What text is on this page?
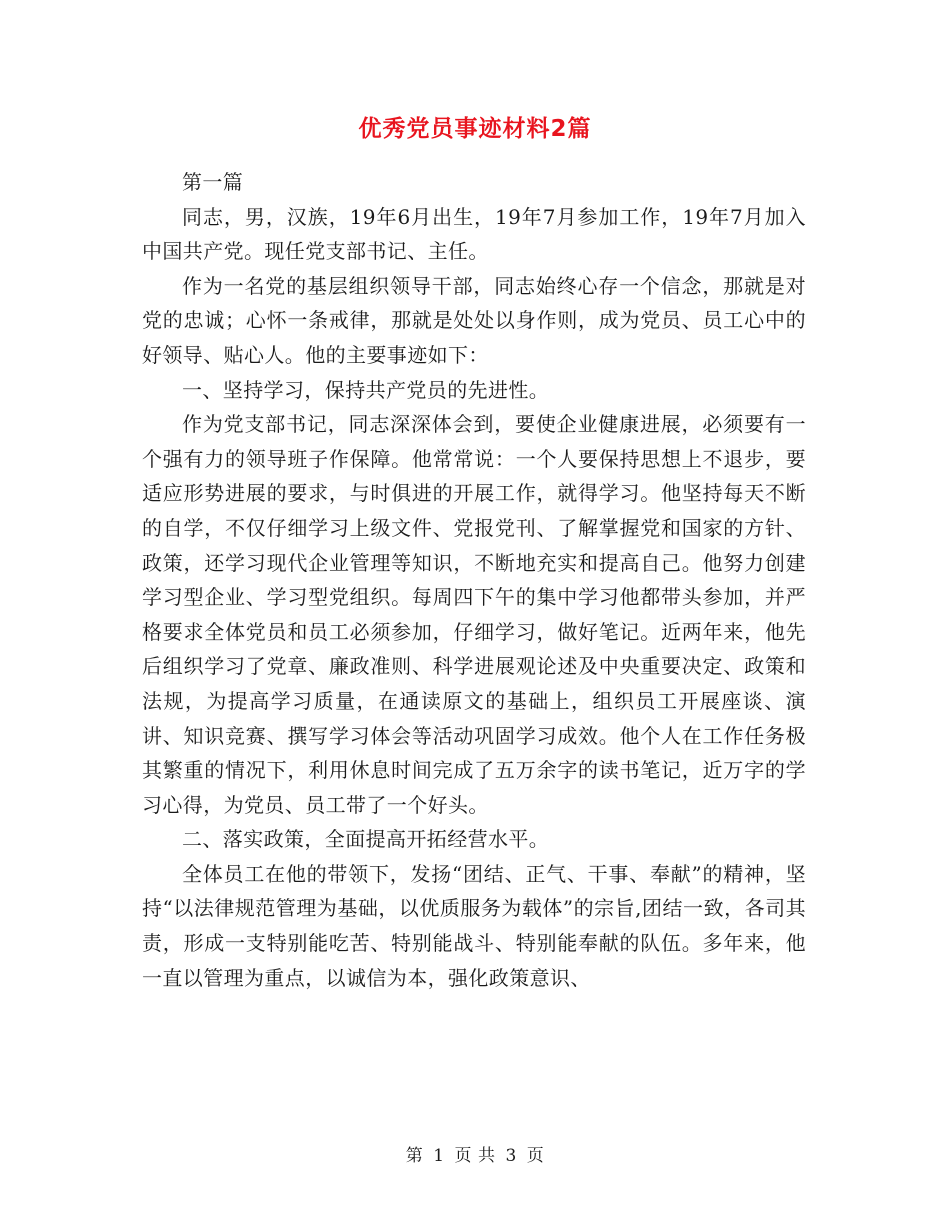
优秀党员事迹材料2篇

第一篇

同志，男，汉族，19年6月出生，19年7月参加工作，19年7月加入中国共产党。现任党支部书记、主任。

作为一名党的基层组织领导干部，同志始终心存一个信念，那就是对党的忠诚；心怀一条戒律，那就是处处以身作则，成为党员、员工心中的好领导、贴心人。他的主要事迹如下：

一、坚持学习，保持共产党员的先进性。

作为党支部书记，同志深深体会到，要使企业健康进展，必须要有一个强有力的领导班子作保障。他常常说：一个人要保持思想上不退步，要适应形势进展的要求，与时俱进的开展工作，就得学习。他坚持每天不断的自学，不仅仔细学习上级文件、党报党刊、了解掌握党和国家的方针、政策，还学习现代企业管理等知识，不断地充实和提高自己。他努力创建学习型企业、学习型党组织。每周四下午的集中学习他都带头参加，并严格要求全体党员和员工必须参加，仔细学习，做好笔记。近两年来，他先后组织学习了党章、廉政准则、科学进展观论述及中央重要决定、政策和法规，为提高学习质量，在通读原文的基础上，组织员工开展座谈、演讲、知识竞赛、撰写学习体会等活动巩固学习成效。他个人在工作任务极其繁重的情况下，利用休息时间完成了五万余字的读书笔记，近万字的学习心得，为党员、员工带了一个好头。

二、落实政策，全面提高开拓经营水平。

全体员工在他的带领下，发扬“团结、正气、干事、奉献”的精神，坚持“以法律规范管理为基础，以优质服务为载体”的宗旨,团结一致，各司其责，形成一支特别能吃苦、特别能战斗、特别能奉献的队伍。多年来，他一直以管理为重点，以诚信为本，强化政策意识、

第 1 页 共 3 页
